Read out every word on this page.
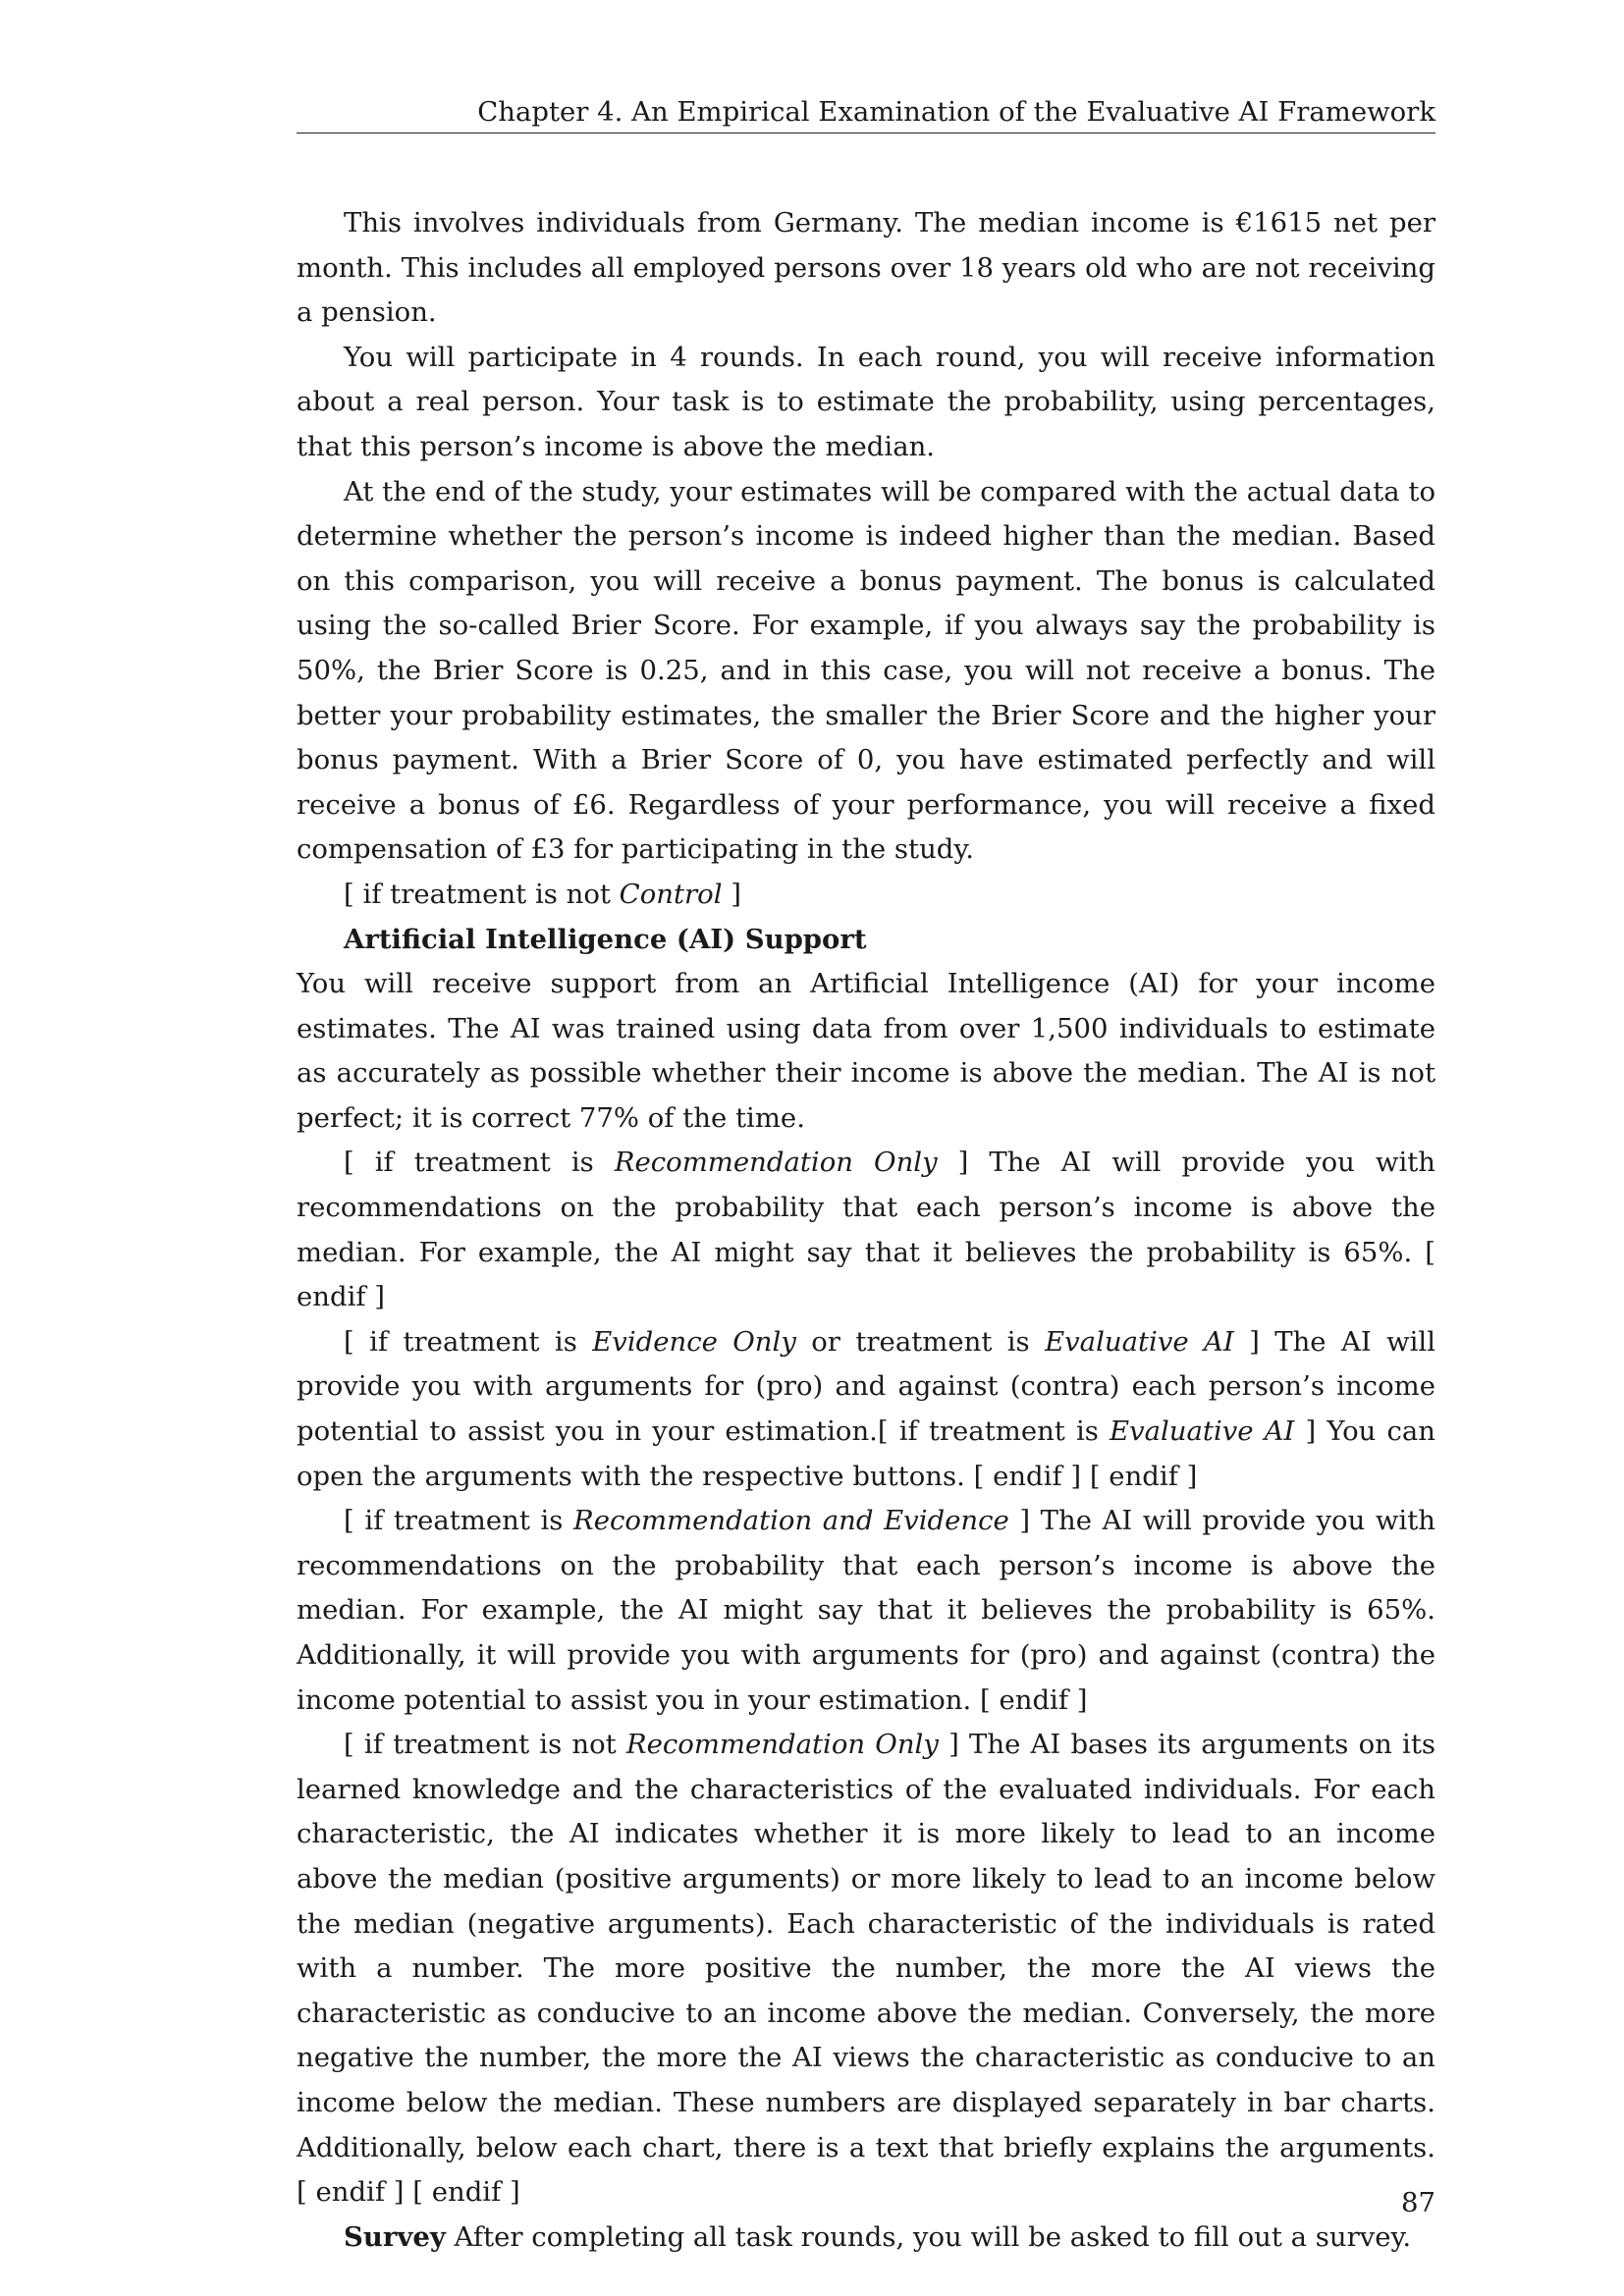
Chapter 4. An Empirical Examination of the Evaluative AI Framework

This involves individuals from Germany. The median income is €1615 net per month. This includes all employed persons over 18 years old who are not receiving a pension.

You will participate in 4 rounds. In each round, you will receive information about a real person. Your task is to estimate the probability, using percentages, that this person’s income is above the median.

At the end of the study, your estimates will be compared with the actual data to determine whether the person’s income is indeed higher than the median. Based on this comparison, you will receive a bonus payment. The bonus is calculated using the so-called Brier Score. For example, if you always say the probability is 50%, the Brier Score is 0.25, and in this case, you will not receive a bonus. The better your probability estimates, the smaller the Brier Score and the higher your bonus payment. With a Brier Score of 0, you have estimated perfectly and will receive a bonus of £6. Regardless of your performance, you will receive a fixed compensation of £3 for participating in the study.

[ if treatment is not Control ]

Artificial Intelligence (AI) Support

You will receive support from an Artificial Intelligence (AI) for your income estimates. The AI was trained using data from over 1,500 individuals to estimate as accurately as possible whether their income is above the median. The AI is not perfect; it is correct 77% of the time.

[ if treatment is Recommendation Only ] The AI will provide you with recommendations on the probability that each person’s income is above the median. For example, the AI might say that it believes the probability is 65%. [ endif ]

[ if treatment is Evidence Only or treatment is Evaluative AI ] The AI will provide you with arguments for (pro) and against (contra) each person’s income potential to assist you in your estimation.[ if treatment is Evaluative AI ] You can open the arguments with the respective buttons. [ endif ] [ endif ]

[ if treatment is Recommendation and Evidence ] The AI will provide you with recommendations on the probability that each person’s income is above the median. For example, the AI might say that it believes the probability is 65%. Additionally, it will provide you with arguments for (pro) and against (contra) the income potential to assist you in your estimation. [ endif ]

[ if treatment is not Recommendation Only ] The AI bases its arguments on its learned knowledge and the characteristics of the evaluated individuals. For each characteristic, the AI indicates whether it is more likely to lead to an income above the median (positive arguments) or more likely to lead to an income below the median (negative arguments). Each characteristic of the individuals is rated with a number. The more positive the number, the more the AI views the characteristic as conducive to an income above the median. Conversely, the more negative the number, the more the AI views the characteristic as conducive to an income below the median. These numbers are displayed separately in bar charts. Additionally, below each chart, there is a text that briefly explains the arguments. [ endif ] [ endif ]

Survey After completing all task rounds, you will be asked to fill out a survey.

87
